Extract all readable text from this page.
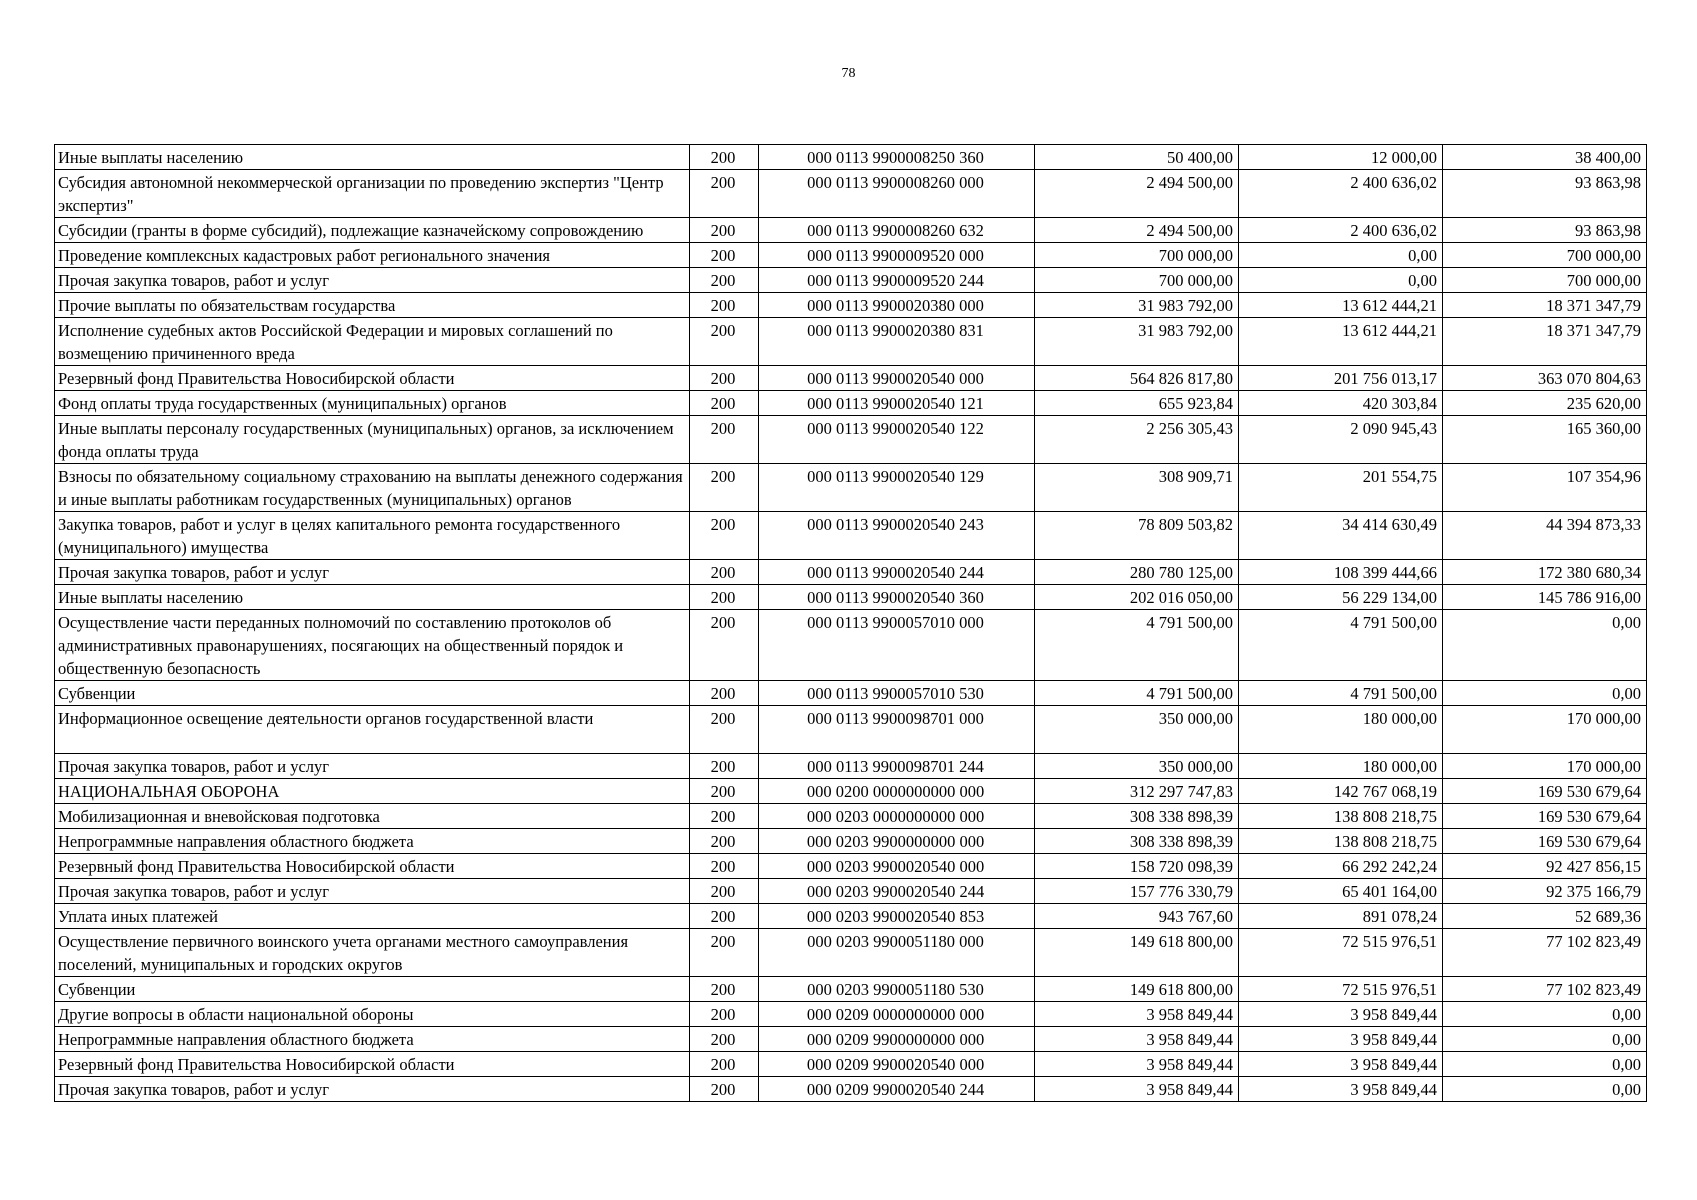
78
Иные выплаты населению	200	000 0113 9900008250 360	50 400,00	12 000,00	38 400,00
Субсидия автономной некоммерческой организации по проведению экспертиз "Центр экспертиз"	200	000 0113 9900008260 000	2 494 500,00	2 400 636,02	93 863,98
Субсидии (гранты в форме субсидий), подлежащие казначейскому сопровождению	200	000 0113 9900008260 632	2 494 500,00	2 400 636,02	93 863,98
Проведение комплексных кадастровых работ регионального значения	200	000 0113 9900009520 000	700 000,00	0,00	700 000,00
Прочая закупка товаров, работ и услуг	200	000 0113 9900009520 244	700 000,00	0,00	700 000,00
Прочие выплаты по обязательствам государства	200	000 0113 9900020380 000	31 983 792,00	13 612 444,21	18 371 347,79
Исполнение судебных актов Российской Федерации и мировых соглашений по возмещению причиненного вреда	200	000 0113 9900020380 831	31 983 792,00	13 612 444,21	18 371 347,79
Резервный фонд Правительства Новосибирской области	200	000 0113 9900020540 000	564 826 817,80	201 756 013,17	363 070 804,63
Фонд оплаты труда государственных (муниципальных) органов	200	000 0113 9900020540 121	655 923,84	420 303,84	235 620,00
Иные выплаты персоналу государственных (муниципальных) органов, за исключением фонда оплаты труда	200	000 0113 9900020540 122	2 256 305,43	2 090 945,43	165 360,00
Взносы по обязательному социальному страхованию на выплаты денежного содержания и иные выплаты работникам государственных (муниципальных) органов	200	000 0113 9900020540 129	308 909,71	201 554,75	107 354,96
Закупка товаров, работ и услуг в целях капитального ремонта государственного (муниципального) имущества	200	000 0113 9900020540 243	78 809 503,82	34 414 630,49	44 394 873,33
Прочая закупка товаров, работ и услуг	200	000 0113 9900020540 244	280 780 125,00	108 399 444,66	172 380 680,34
Иные выплаты населению	200	000 0113 9900020540 360	202 016 050,00	56 229 134,00	145 786 916,00
Осуществление части переданных полномочий по составлению протоколов об административных правонарушениях, посягающих на общественный порядок и общественную безопасность	200	000 0113 9900057010 000	4 791 500,00	4 791 500,00	0,00
Субвенции	200	000 0113 9900057010 530	4 791 500,00	4 791 500,00	0,00
Информационное освещение деятельности органов государственной власти	200	000 0113 9900098701 000	350 000,00	180 000,00	170 000,00
Прочая закупка товаров, работ и услуг	200	000 0113 9900098701 244	350 000,00	180 000,00	170 000,00
НАЦИОНАЛЬНАЯ ОБОРОНА	200	000 0200 0000000000 000	312 297 747,83	142 767 068,19	169 530 679,64
Мобилизационная и вневойсковая подготовка	200	000 0203 0000000000 000	308 338 898,39	138 808 218,75	169 530 679,64
Непрограммные направления областного бюджета	200	000 0203 9900000000 000	308 338 898,39	138 808 218,75	169 530 679,64
Резервный фонд Правительства Новосибирской области	200	000 0203 9900020540 000	158 720 098,39	66 292 242,24	92 427 856,15
Прочая закупка товаров, работ и услуг	200	000 0203 9900020540 244	157 776 330,79	65 401 164,00	92 375 166,79
Уплата иных платежей	200	000 0203 9900020540 853	943 767,60	891 078,24	52 689,36
Осуществление первичного воинского учета органами местного самоуправления поселений, муниципальных и городских округов	200	000 0203 9900051180 000	149 618 800,00	72 515 976,51	77 102 823,49
Субвенции	200	000 0203 9900051180 530	149 618 800,00	72 515 976,51	77 102 823,49
Другие вопросы в области национальной обороны	200	000 0209 0000000000 000	3 958 849,44	3 958 849,44	0,00
Непрограммные направления областного бюджета	200	000 0209 9900000000 000	3 958 849,44	3 958 849,44	0,00
Резервный фонд Правительства Новосибирской области	200	000 0209 9900020540 000	3 958 849,44	3 958 849,44	0,00
Прочая закупка товаров, работ и услуг	200	000 0209 9900020540 244	3 958 849,44	3 958 849,44	0,00
